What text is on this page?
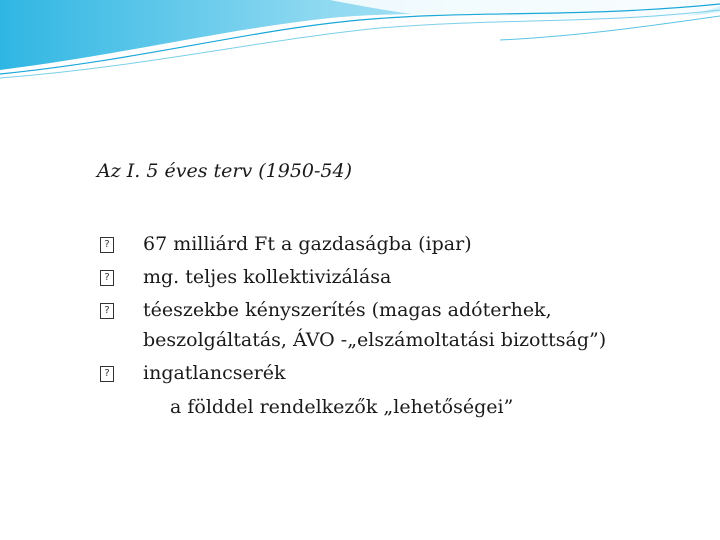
Az I. 5 éves terv (1950-54)
? 67 milliárd Ft a gazdaságba (ipar)
? mg. teljes kollektivizálása
? téeszekbe kényszerítés (magas adóterhek, beszolgáltatás, ÁVO -„elszámoltatási bizottság”)
? ingatlancserék
a földdel rendelkezők „lehetőségei”
